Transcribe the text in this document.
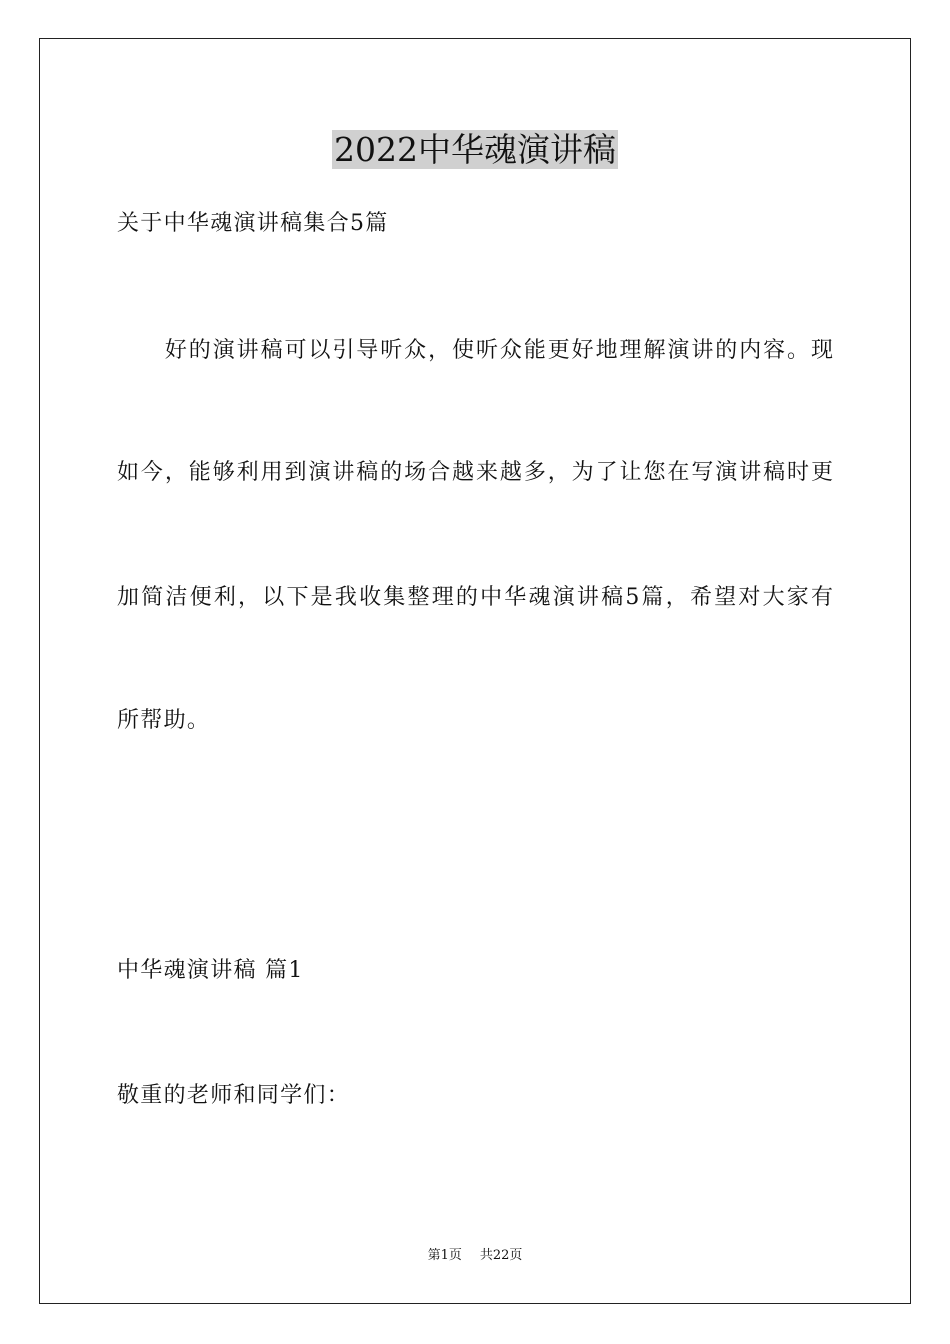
2022中华魂演讲稿
关于中华魂演讲稿集合5篇
　　好的演讲稿可以引导听众，使听众能更好地理解演讲的内容。现
如今，能够利用到演讲稿的场合越来越多，为了让您在写演讲稿时更
加简洁便利，以下是我收集整理的中华魂演讲稿5篇，希望对大家有
所帮助。
中华魂演讲稿 篇1
敬重的老师和同学们：
第1页 共22页
